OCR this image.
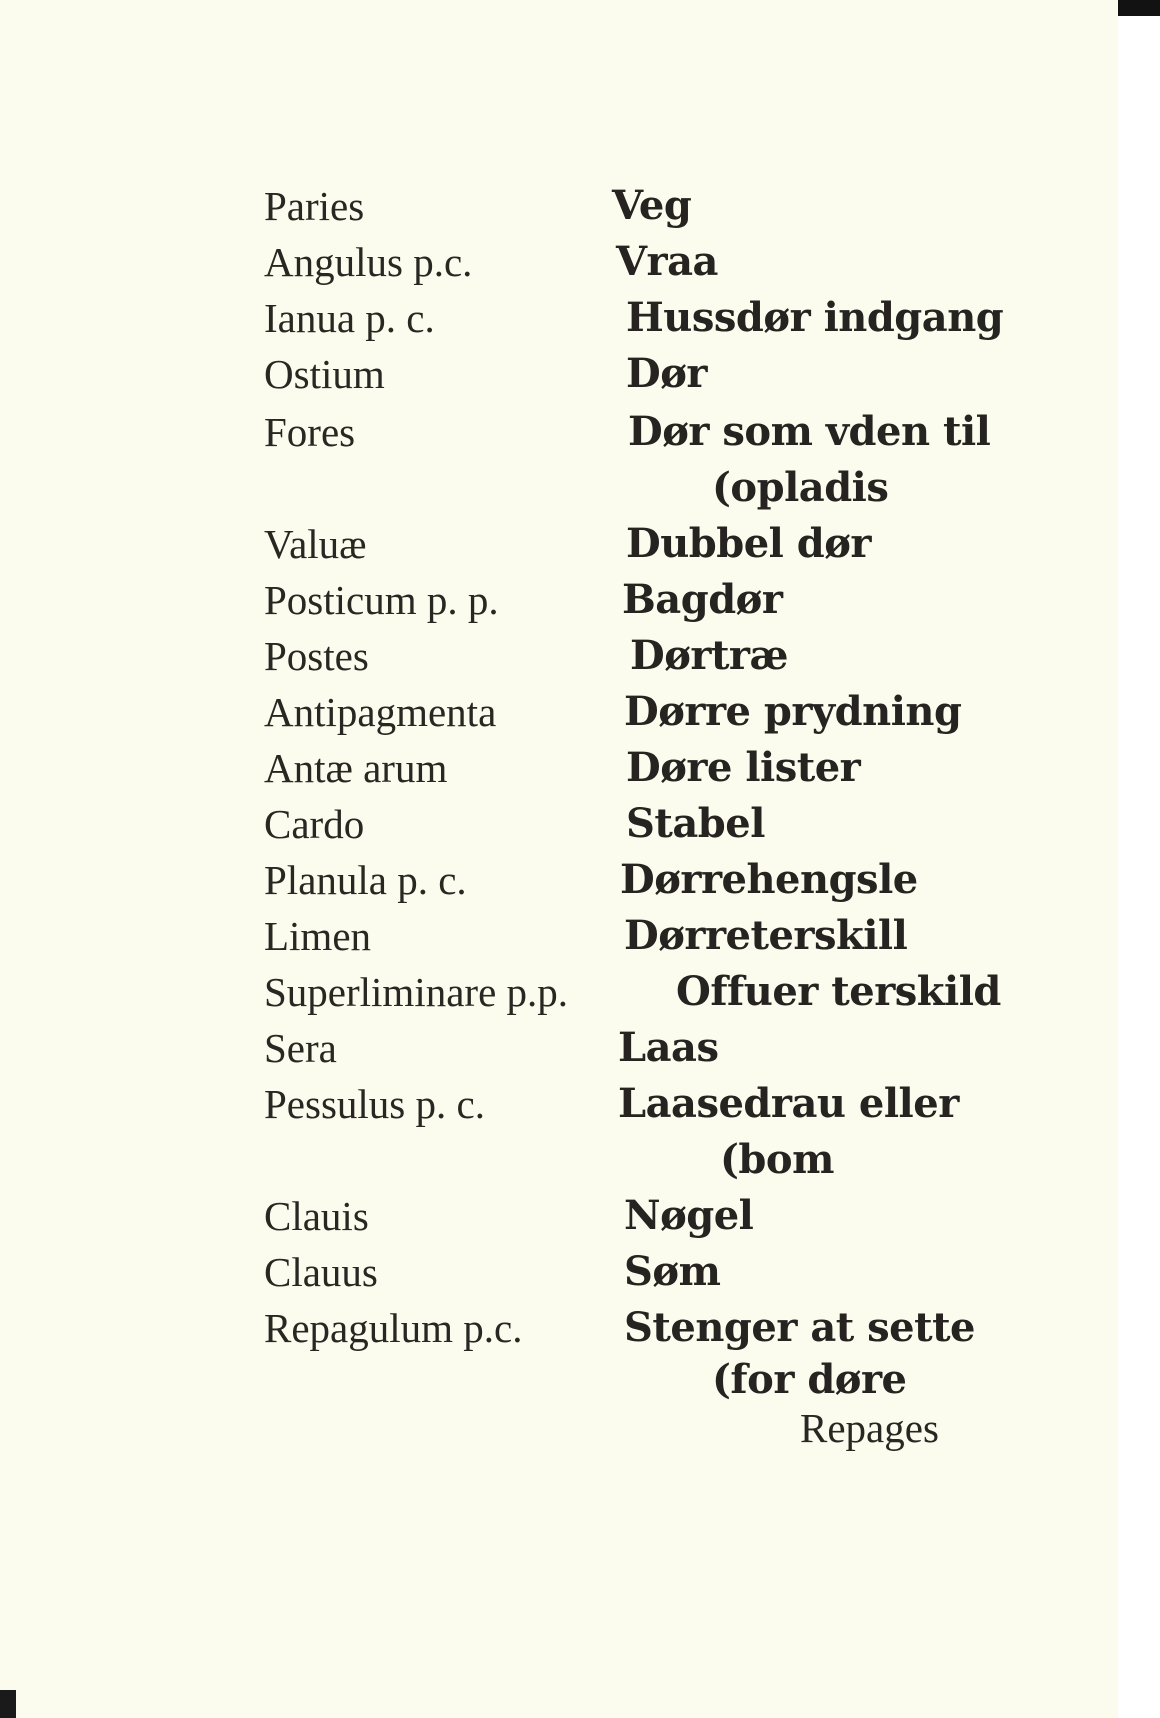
Paries	Veg
Angulus p.c.	Vraa
Ianua p. c.	Hussdør indgang
Ostium	Dør
Fores	Dør som vden til
(opladis
Valuæ	Dubbel dør
Posticum p. p.	Bagdør
Postes	Dørtræ
Antipagmenta	Dørre prydning
Antæ arum	Døre lister
Cardo	Stabel
Planula p. c.	Dørrehengsle
Limen	Dørreterskill
Superliminare p.p.	Offuer terskild
Sera	Laas
Pessulus p. c.	Laasedrau eller
(bom
Clauis	Nøgel
Clauus	Søm
Repagulum p.c.	Stenger at sette
(for døre
Repages
